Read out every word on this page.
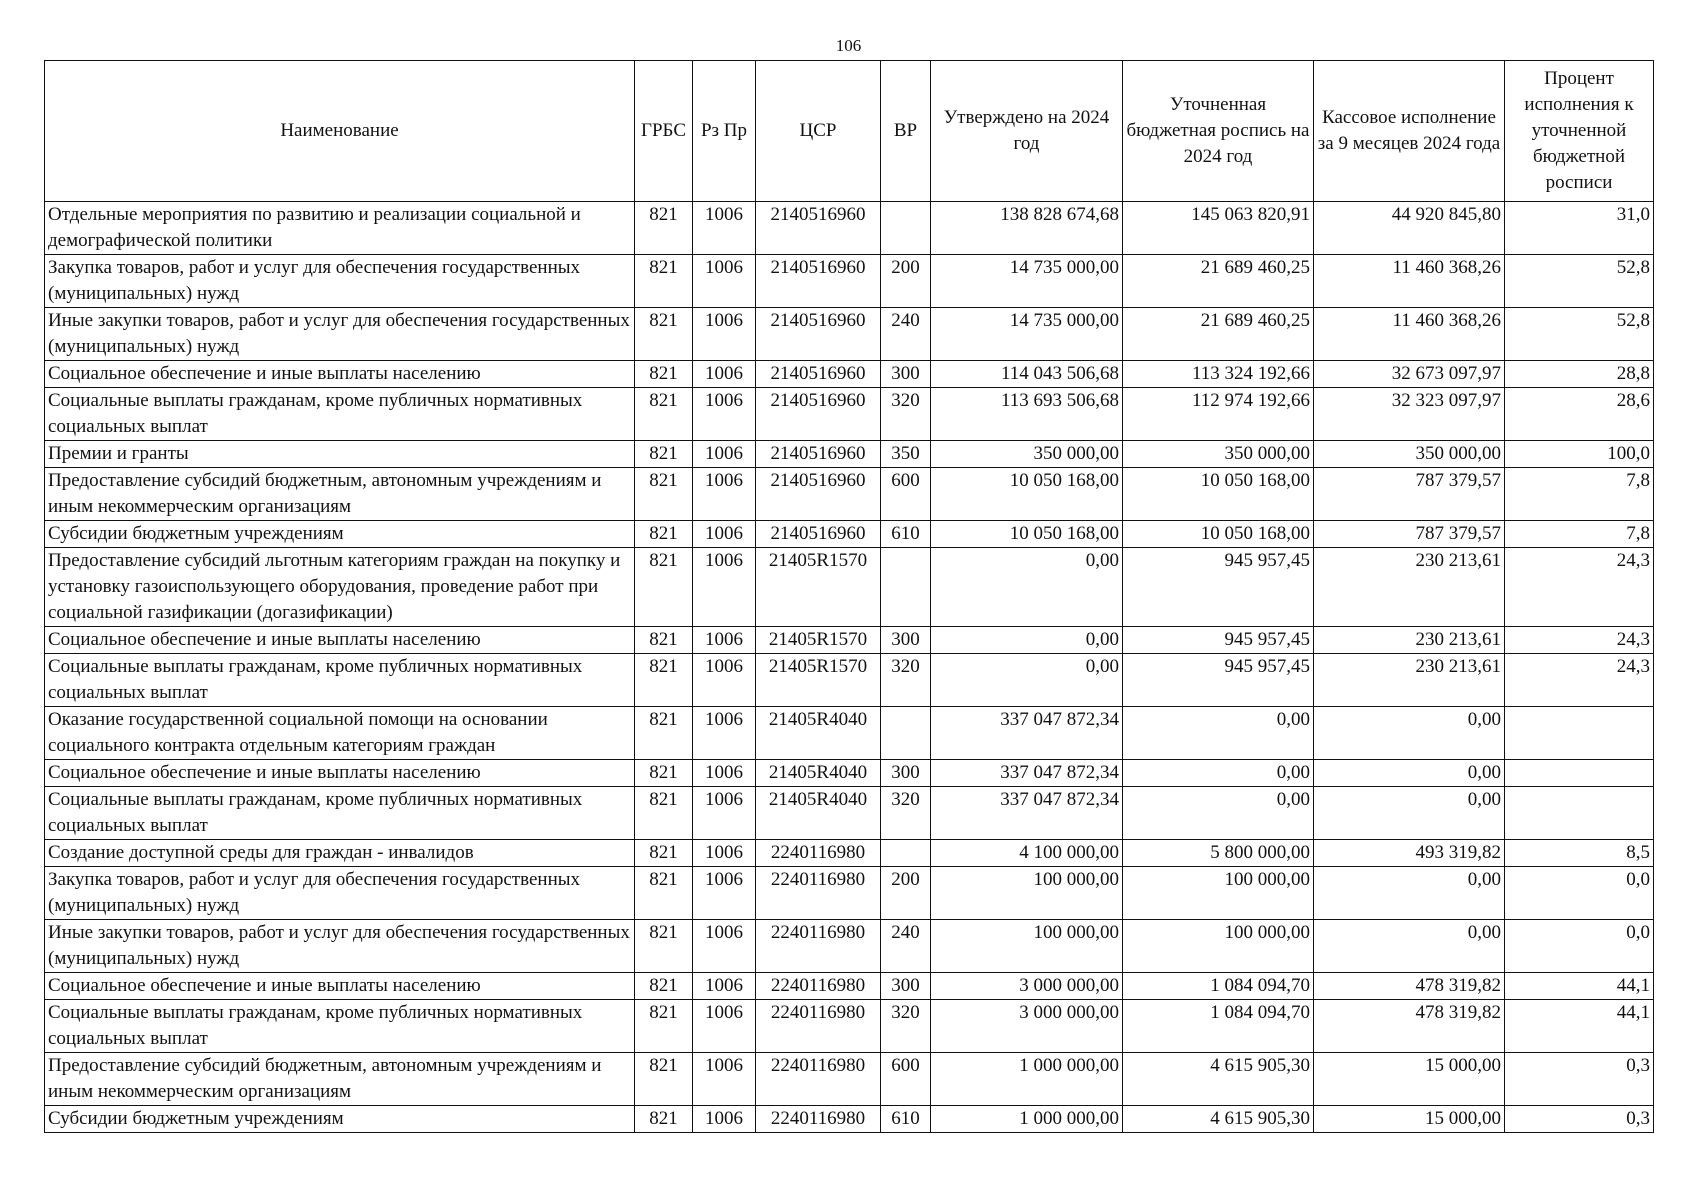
106
Наименование	ГРБС	Рз Пр	ЦСР	ВР	Утверждено на 2024 год	Уточненная бюджетная роспись на 2024 год	Кассовое исполнение за 9 месяцев 2024 года	Процент исполнения к уточненной бюджетной росписи
Отдельные мероприятия по развитию и реализации социальной и демографической политики	821	1006	2140516960		138 828 674,68	145 063 820,91	44 920 845,80	31,0
Закупка товаров, работ и услуг для обеспечения государственных (муниципальных) нужд	821	1006	2140516960	200	14 735 000,00	21 689 460,25	11 460 368,26	52,8
Иные закупки товаров, работ и услуг для обеспечения государственных (муниципальных) нужд	821	1006	2140516960	240	14 735 000,00	21 689 460,25	11 460 368,26	52,8
Социальное обеспечение и иные выплаты населению	821	1006	2140516960	300	114 043 506,68	113 324 192,66	32 673 097,97	28,8
Социальные выплаты гражданам, кроме публичных нормативных социальных выплат	821	1006	2140516960	320	113 693 506,68	112 974 192,66	32 323 097,97	28,6
Премии и гранты	821	1006	2140516960	350	350 000,00	350 000,00	350 000,00	100,0
Предоставление субсидий бюджетным, автономным учреждениям и иным некоммерческим организациям	821	1006	2140516960	600	10 050 168,00	10 050 168,00	787 379,57	7,8
Субсидии бюджетным учреждениям	821	1006	2140516960	610	10 050 168,00	10 050 168,00	787 379,57	7,8
Предоставление субсидий льготным категориям граждан на покупку и установку газоиспользующего оборудования, проведение работ при социальной газификации (догазификации)	821	1006	21405R1570		0,00	945 957,45	230 213,61	24,3
Социальное обеспечение и иные выплаты населению	821	1006	21405R1570	300	0,00	945 957,45	230 213,61	24,3
Социальные выплаты гражданам, кроме публичных нормативных социальных выплат	821	1006	21405R1570	320	0,00	945 957,45	230 213,61	24,3
Оказание государственной социальной помощи на основании социального контракта отдельным категориям граждан	821	1006	21405R4040		337 047 872,34	0,00	0,00	
Социальное обеспечение и иные выплаты населению	821	1006	21405R4040	300	337 047 872,34	0,00	0,00	
Социальные выплаты гражданам, кроме публичных нормативных социальных выплат	821	1006	21405R4040	320	337 047 872,34	0,00	0,00	
Создание доступной среды для граждан - инвалидов	821	1006	2240116980		4 100 000,00	5 800 000,00	493 319,82	8,5
Закупка товаров, работ и услуг для обеспечения государственных (муниципальных) нужд	821	1006	2240116980	200	100 000,00	100 000,00	0,00	0,0
Иные закупки товаров, работ и услуг для обеспечения государственных (муниципальных) нужд	821	1006	2240116980	240	100 000,00	100 000,00	0,00	0,0
Социальное обеспечение и иные выплаты населению	821	1006	2240116980	300	3 000 000,00	1 084 094,70	478 319,82	44,1
Социальные выплаты гражданам, кроме публичных нормативных социальных выплат	821	1006	2240116980	320	3 000 000,00	1 084 094,70	478 319,82	44,1
Предоставление субсидий бюджетным, автономным учреждениям и иным некоммерческим организациям	821	1006	2240116980	600	1 000 000,00	4 615 905,30	15 000,00	0,3
Субсидии бюджетным учреждениям	821	1006	2240116980	610	1 000 000,00	4 615 905,30	15 000,00	0,3
